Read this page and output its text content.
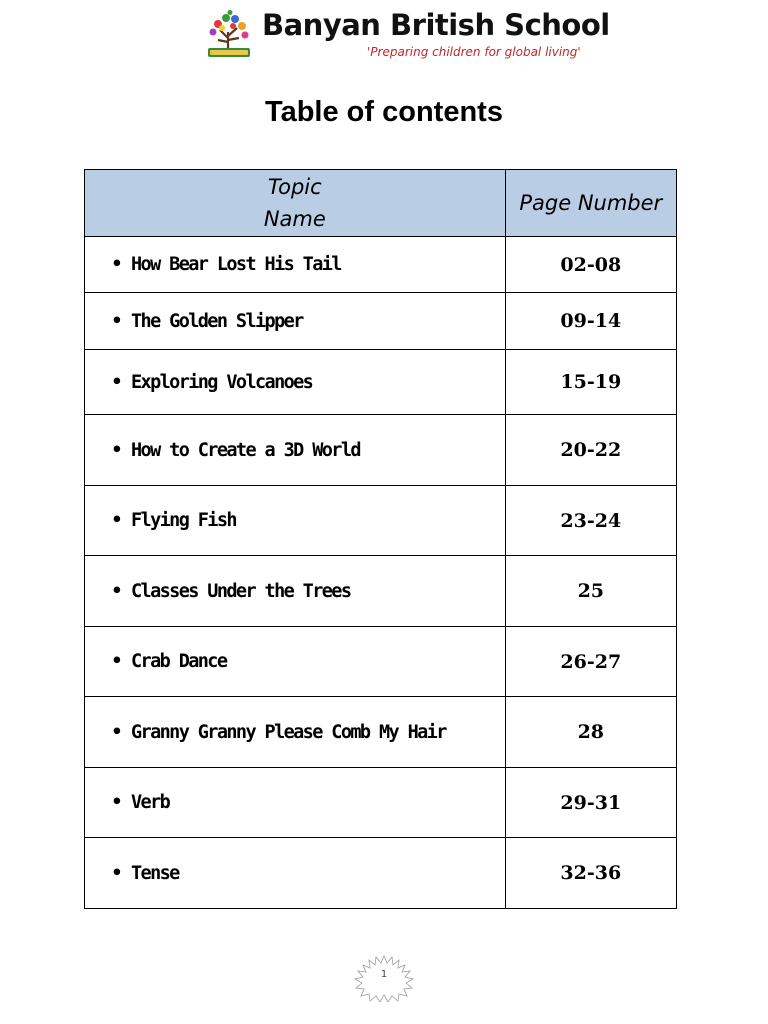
Banyan British School
'Preparing children for global living'
Table of contents
Topic
Name	Page Number
• How Bear Lost His Tail	02-08
• The Golden Slipper	09-14
• Exploring Volcanoes	15-19
• How to Create a 3D World	20-22
• Flying Fish	23-24
• Classes Under the Trees	25
• Crab Dance	26-27
• Granny Granny Please Comb My Hair	28
• Verb	29-31
• Tense	32-36
1
